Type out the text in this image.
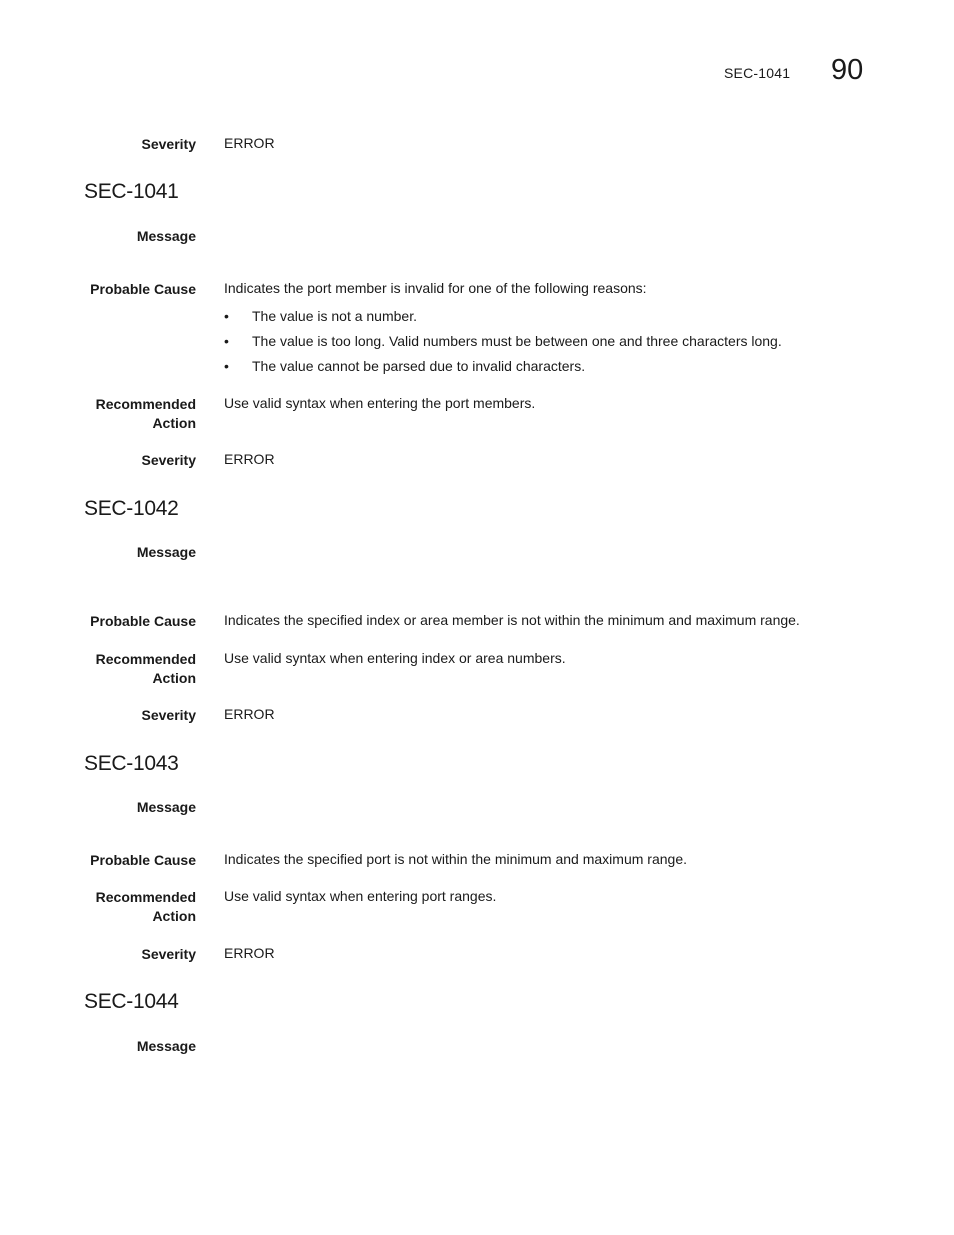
SEC-1041 90
Severity ERROR
SEC-1041
Message
Probable Cause Indicates the port member is invalid for one of the following reasons:
•	The value is not a number.
•	The value is too long. Valid numbers must be between one and three characters long.
•	The value cannot be parsed due to invalid characters.
Recommended
Action
Use valid syntax when entering the port members.
Severity ERROR
SEC-1042
Message
Probable Cause Indicates the specified index or area member is not within the minimum and maximum range.
Recommended
Action
Use valid syntax when entering index or area numbers.
Severity ERROR
SEC-1043
Message
Probable Cause Indicates the specified port is not within the minimum and maximum range.
Recommended
Action
Use valid syntax when entering port ranges.
Severity ERROR
SEC-1044
Message
